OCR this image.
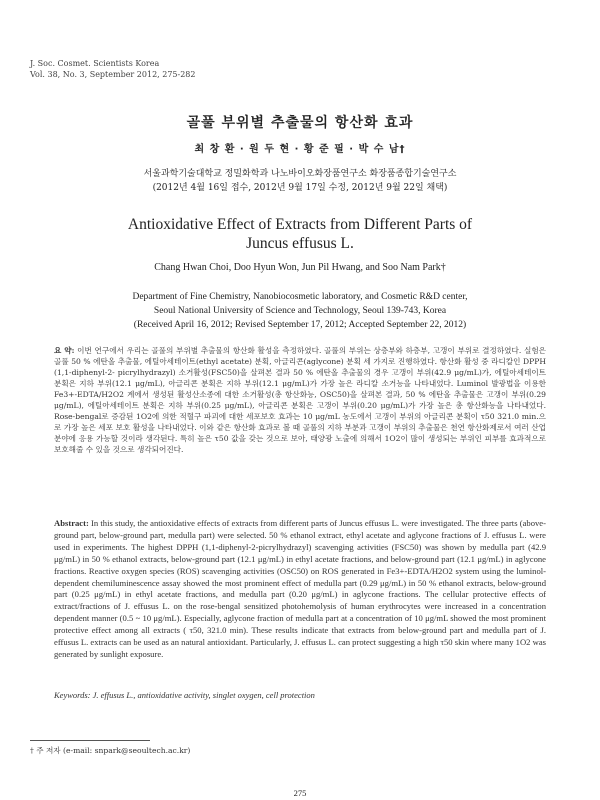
J. Soc. Cosmet. Scientists Korea
Vol. 38, No. 3, September 2012, 275-282
골풀 부위별 추출물의 항산화 효과
최 창 환 · 원 두 현 · 황 준 필 · 박 수 남†
서울과학기술대학교 정밀화학과 나노바이오화장품연구소 화장품종합기술연구소
(2012년 4월 16일 접수, 2012년 9월 17일 수정, 2012년 9월 22일 채택)
Antioxidative Effect of Extracts from Different Parts of
Juncus effusus L.
Chang Hwan Choi, Doo Hyun Won, Jun Pil Hwang, and Soo Nam Park†
Department of Fine Chemistry, Nanobiocosmetic laboratory, and Cosmetic R&D center,
Seoul National University of Science and Technology, Seoul 139-743, Korea
(Received April 16, 2012; Revised September 17, 2012; Accepted September 22, 2012)
요 약: 이번 연구에서 우리는 골풀의 부위별 추출물의 항산화 활성을 측정하였다. 골풀의 부위는 상층부와 하층부, 고갱이 부위로 결정하였다. 실험은 골풀 50 % 에탄올 추출물, 에틸아세테이트(ethyl acetate) 분획, 아글리콘(aglycone) 분획 세 가지로 진행하였다. 항산화 활성 중 라디칼인 DPPH (1,1-diphenyl-2- picrylhydrazyl) 소거활성(FSC50)을 살펴본 결과 50 % 에탄올 추출물의 경우 고갱이 부위(42.9 μg/mL)가, 에틸아세테이트 분획은 지하 부위(12.1 μg/mL), 아글리콘 분획은 지하 부위(12.1 μg/mL)가 가장 높은 라디칼 소거능을 나타내었다. Luminol 발광법을 이용한 Fe3+-EDTA/H2O2 계에서 생성된 활성산소종에 대한 소거활성(총 항산화능, OSC50)을 살펴본 결과, 50 % 에탄올 추출물은 고갱이 부위(0.29 μg/mL), 에틸아세테이트 분획은 지하 부위(0.25 μg/mL), 아글리콘 분획은 고갱이 부위(0.20 μg/mL)가 가장 높은 총 항산화능을 나타내었다. Rose-bengal로 증감된 1O2에 의한 적혈구 파괴에 대한 세포보호 효과는 10 μg/mL 농도에서 고갱이 부위의 아글리콘 분획이 τ50 321.0 min.으로 가장 높은 세포 보호 활성을 나타내었다. 이와 같은 항산화 효과로 볼 때 골풀의 지하 부분과 고갱이 부위의 추출물은 천연 항산화제로서 여러 산업 분야에 응용 가능할 것이라 생각된다. 특히 높은 τ50 값을 갖는 것으로 보아, 태양광 노출에 의해서 1O2이 많이 생성되는 부위인 피부를 효과적으로 보호해줄 수 있을 것으로 생각되어진다.
Abstract: In this study, the antioxidative effects of extracts from different parts of Juncus effusus L. were investigated. The three parts (above-ground part, below-ground part, medulla part) were selected. 50 % ethanol extract, ethyl acetate and aglycone fractions of J. effusus L. were used in experiments. The highest DPPH (1,1-diphenyl-2-picrylhydrazyl) scavenging activities (FSC50) was shown by medulla part (42.9 μg/mL) in 50 % ethanol extracts, below-ground part (12.1 μg/mL) in ethyl acetate fractions, and below-ground part (12.1 μg/mL) in aglycone fractions. Reactive oxygen species (ROS) scavenging activities (OSC50) on ROS generated in Fe3+-EDTA/H2O2 system using the luminol-dependent chemiluminescence assay showed the most prominent effect of medulla part (0.29 μg/mL) in 50 % ethanol extracts, below-ground part (0.25 μg/mL) in ethyl acetate fractions, and medulla part (0.20 μg/mL) in aglycone fractions. The cellular protective effects of extract/fractions of J. effusus L. on the rose-bengal sensitized photohemolysis of human erythrocytes were increased in a concentration dependent manner (0.5 ~ 10 μg/mL). Especially, aglycone fraction of medulla part at a concentration of 10 μg/mL showed the most prominent protective effect among all extracts ( τ50, 321.0 min). These results indicate that extracts from below-ground part and medulla part of J. effusus L. extracts can be used as an natural antioxidant. Particularly, J. effusus L. can protect suggesting a high τ50 skin where many 1O2 was generated by sunlight exposure.
Keywords: J. effusus L., antioxidative activity, singlet oxygen, cell protection
† 주 저자 (e-mail: snpark@seoultech.ac.kr)
275
